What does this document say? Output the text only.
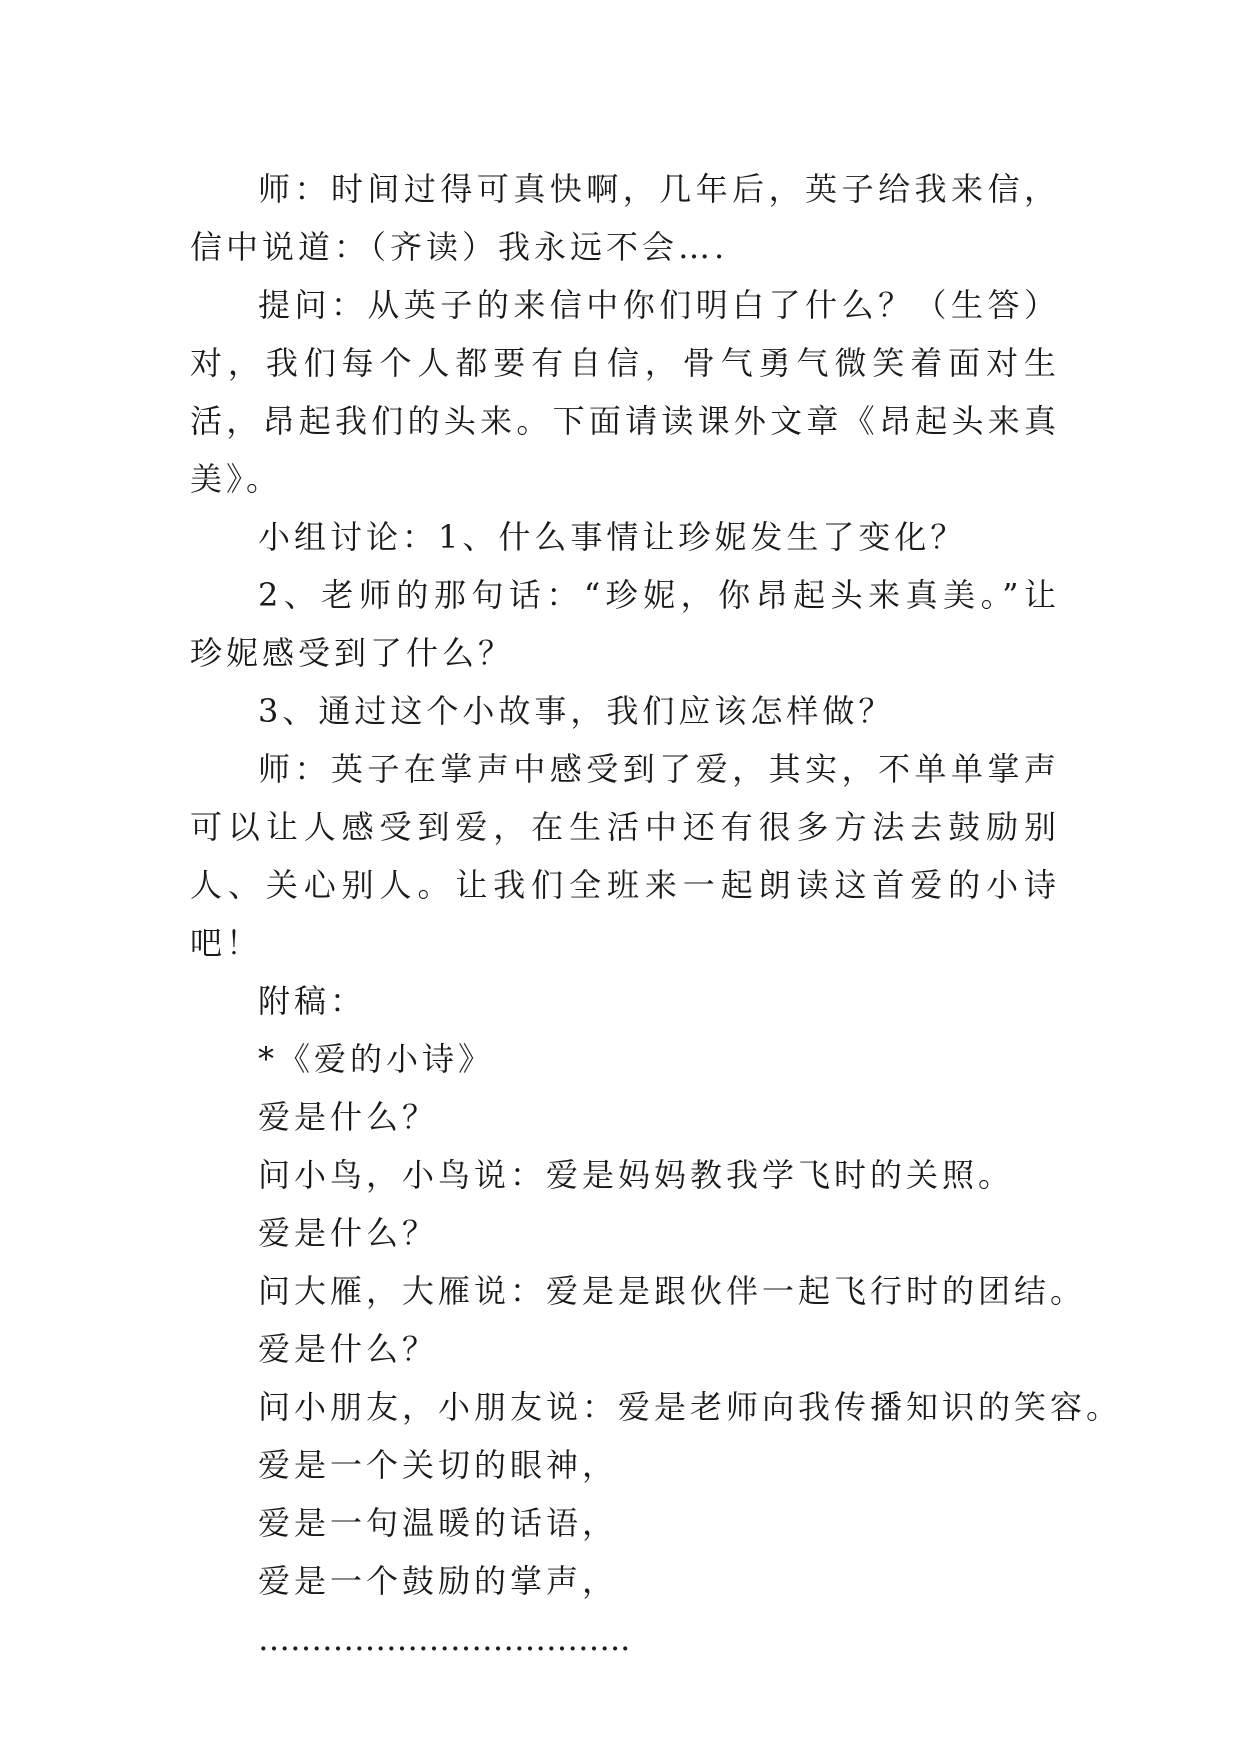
师：时间过得可真快啊，几年后，英子给我来信，信中说道：（齐读）我永远不会….

提问：从英子的来信中你们明白了什么？（生答）对，我们每个人都要有自信，骨气勇气微笑着面对生活，昂起我们的头来。下面请读课外文章《昂起头来真美》。

小组讨论：1、什么事情让珍妮发生了变化？

2、老师的那句话：“珍妮，你昂起头来真美。”让珍妮感受到了什么？

3、通过这个小故事，我们应该怎样做？

师：英子在掌声中感受到了爱，其实，不单单掌声可以让人感受到爱，在生活中还有很多方法去鼓励别人、关心别人。让我们全班来一起朗读这首爱的小诗吧！

附稿：

*《爱的小诗》

爱是什么？

问小鸟，小鸟说：爱是妈妈教我学飞时的关照。

爱是什么？

问大雁，大雁说：爱是是跟伙伴一起飞行时的团结。

爱是什么？

问小朋友，小朋友说：爱是老师向我传播知识的笑容。

爱是一个关切的眼神，

爱是一句温暖的话语，

爱是一个鼓励的掌声，

……………………………..
